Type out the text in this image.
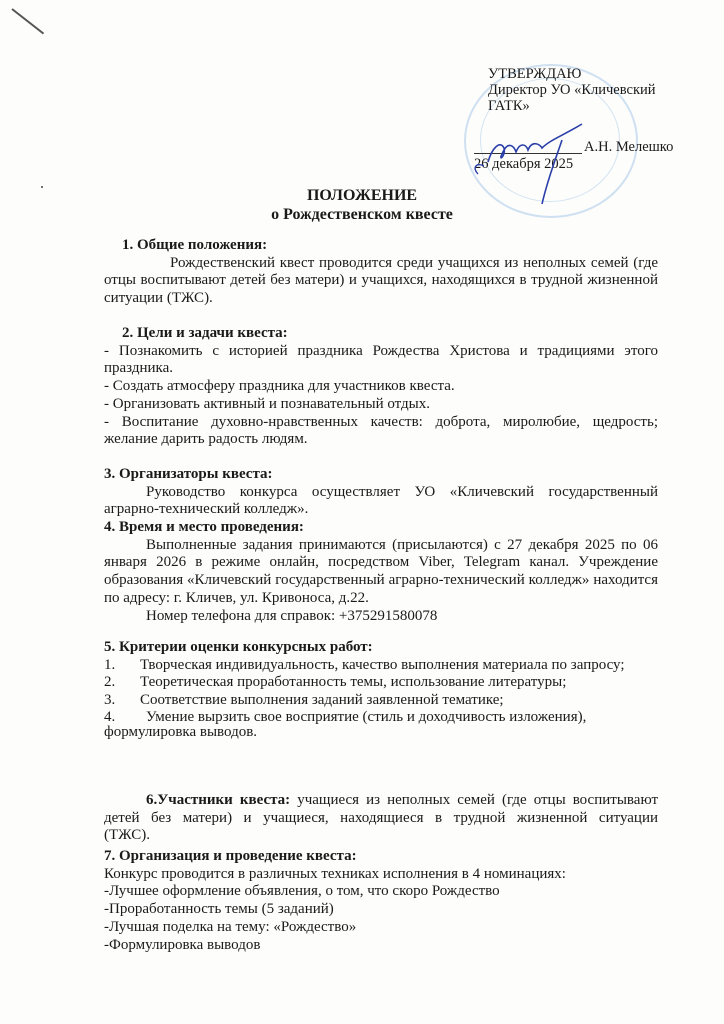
УТВЕРЖДАЮ
Директор УО «Кличевский
ГАТК»
А.Н. Мелешко
26 декабря 2025
ПОЛОЖЕНИЕ
о Рождественском квесте
1. Общие положения:
Рождественский квест проводится среди учащихся из неполных семей (где отцы воспитывают детей без матери) и учащихся, находящихся в трудной жизненной ситуации (ТЖС).
2. Цели и задачи квеста:
- Познакомить с историей праздника Рождества Христова и традициями этого праздника.
- Создать атмосферу праздника для участников квеста.
- Организовать активный и познавательный отдых.
- Воспитание духовно-нравственных качеств: доброта, миролюбие, щедрость; желание дарить радость людям.
3. Организаторы квеста:
Руководство конкурса осуществляет УО «Кличевский государственный аграрно-технический колледж».
4. Время и место проведения:
Выполненные задания принимаются (присылаются) с 27 декабря 2025 по 06 января 2026 в режиме онлайн, посредством Viber, Telegram канал. Учреждение образования «Кличевский государственный аграрно-технический колледж» находится по адресу: г. Кличев, ул. Кривоноса, д.22.
Номер телефона для справок: +375291580078
5. Критерии оценки конкурсных работ:
1. Творческая индивидуальность, качество выполнения материала по запросу;
2. Теоретическая проработанность темы, использование литературы;
3. Соответствие выполнения заданий заявленной тематике;
4. Умение вырзить свое восприятие (стиль и доходчивость изложения), формулировка выводов.
6.Участники квеста: учащиеся из неполных семей (где отцы воспитывают детей без матери) и учащиеся, находящиеся в трудной жизненной ситуации (ТЖС).
7. Организация и проведение квеста:
Конкурс проводится в различных техниках исполнения в 4 номинациях:
-Лучшее оформление объявления, о том, что скоро Рождество
-Проработанность темы (5 заданий)
-Лучшая поделка на тему: «Рождество»
-Формулировка выводов
